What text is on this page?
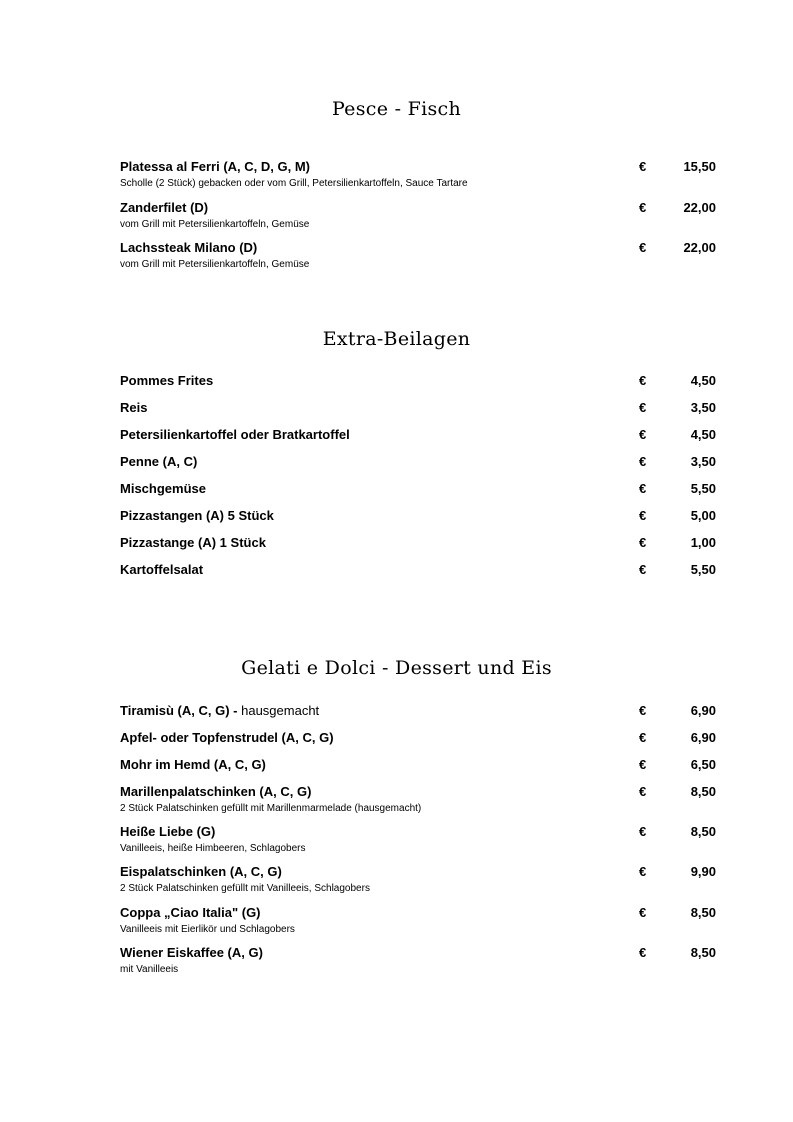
Pesce - Fisch
Platessa al Ferri (A, C, D, G, M)
Scholle (2 Stück) gebacken oder vom Grill, Petersilienkartoffeln, Sauce Tartare
€	15,50
Zanderfilet (D)
vom Grill mit Petersilienkartoffeln, Gemüse
€	22,00
Lachssteak Milano (D)
vom Grill mit Petersilienkartoffeln, Gemüse
€	22,00
Extra-Beilagen
Pommes Frites	€	4,50
Reis	€	3,50
Petersilienkartoffel oder Bratkartoffel	€	4,50
Penne (A, C)	€	3,50
Mischgemüse	€	5,50
Pizzastangen (A) 5 Stück	€	5,00
Pizzastange (A) 1 Stück	€	1,00
Kartoffelsalat	€	5,50
Gelati e Dolci - Dessert und Eis
Tiramisù (A, C, G) - hausgemacht	€	6,90
Apfel- oder Topfenstrudel (A, C, G)	€	6,90
Mohr im Hemd (A, C, G)	€	6,50
Marillenpalatschinken (A, C, G)
2 Stück Palatschinken gefüllt mit Marillenmarmelade (hausgemacht)
€	8,50
Heiße Liebe (G)
Vanilleeis, heiße Himbeeren, Schlagobers
€	8,50
Eispalatschinken (A, C, G)
2 Stück Palatschinken gefüllt mit Vanilleeis, Schlagobers
€	9,90
Coppa „Ciao Italia" (G)
Vanilleeis mit Eierlikör und Schlagobers
€	8,50
Wiener Eiskaffee (A, G)
mit Vanilleeis
€	8,50
